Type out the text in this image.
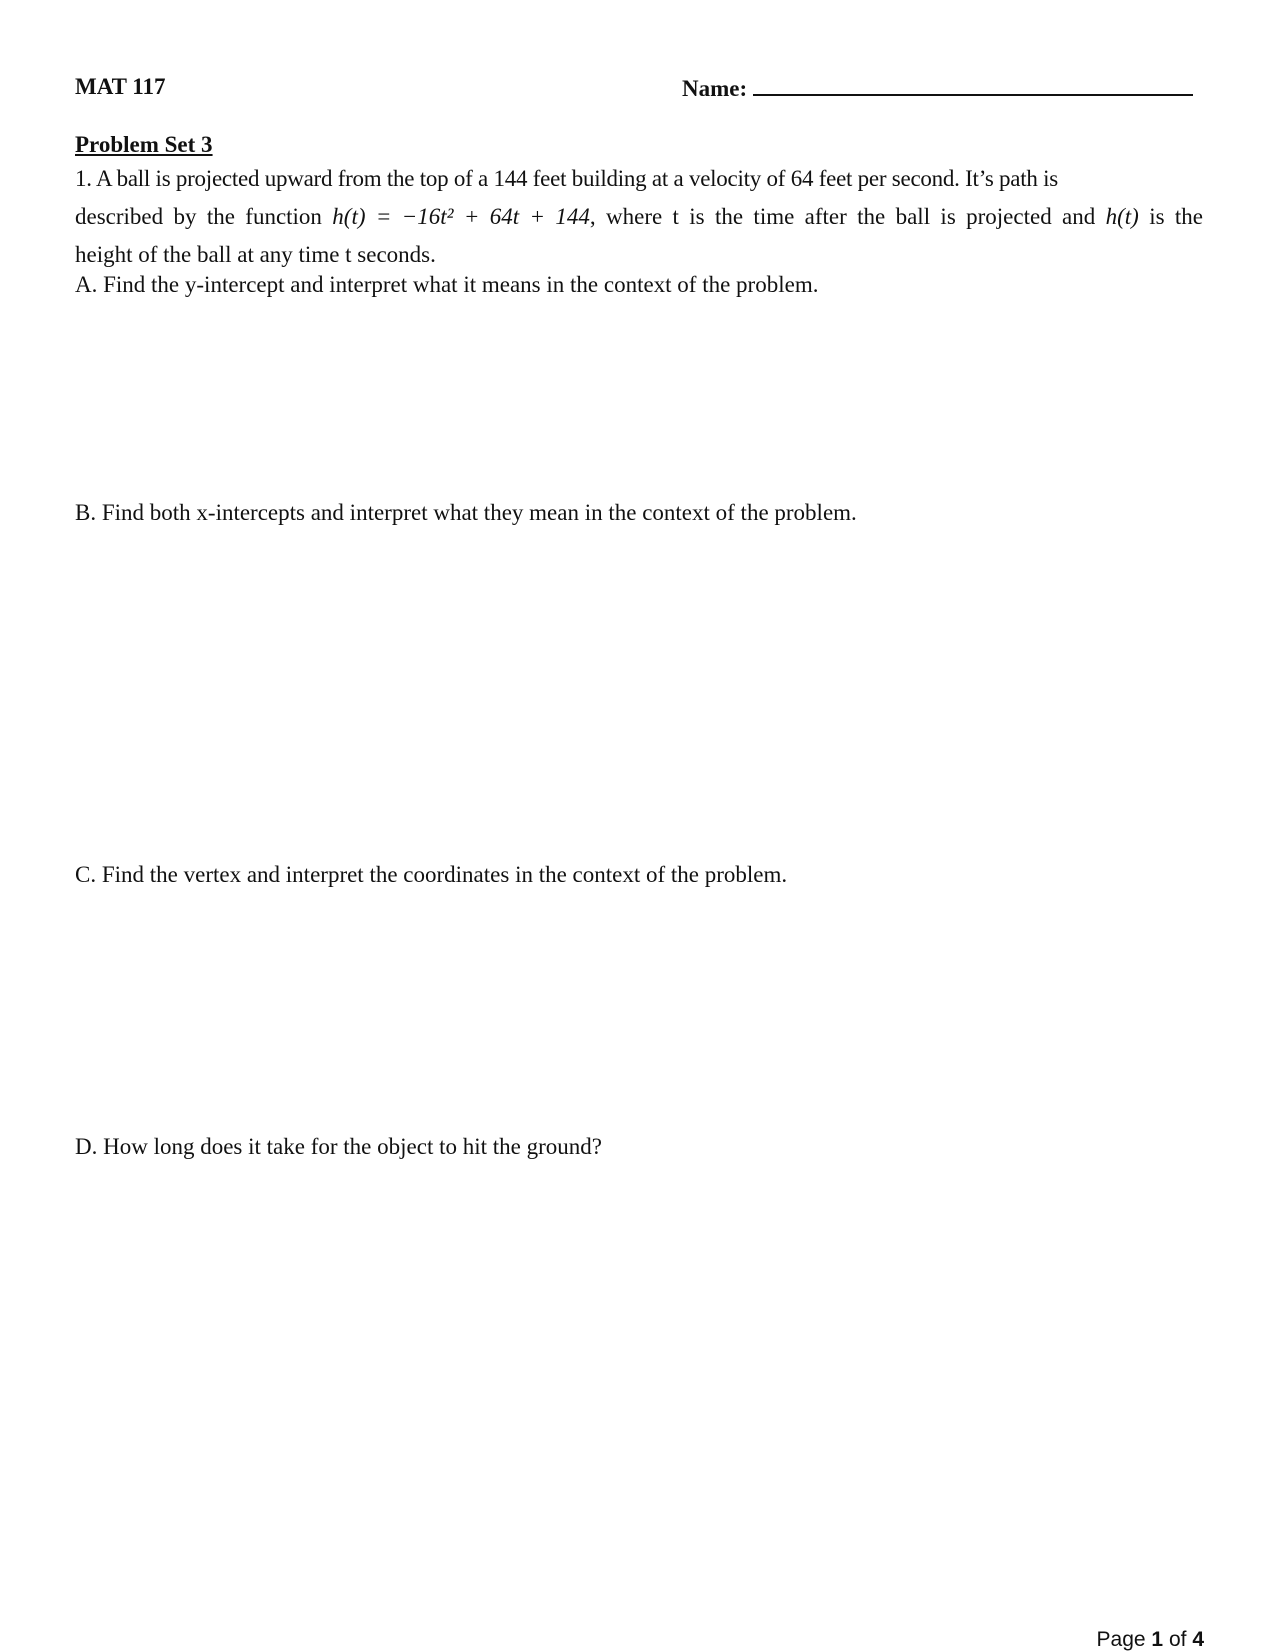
MAT 117	Name:
Problem Set 3

1. A ball is projected upward from the top of a 144 feet building at a velocity of 64 feet per second. It’s path is

described by the function h(t) = −16t² + 64t + 144, where t is the time after the ball is projected and h(t) is the

height of the ball at any time t seconds.

A. Find the y-intercept and interpret what it means in the context of the problem.
B. Find both x-intercepts and interpret what they mean in the context of the problem.
C. Find the vertex and interpret the coordinates in the context of the problem.
D. How long does it take for the object to hit the ground?
Page 1 of 4
